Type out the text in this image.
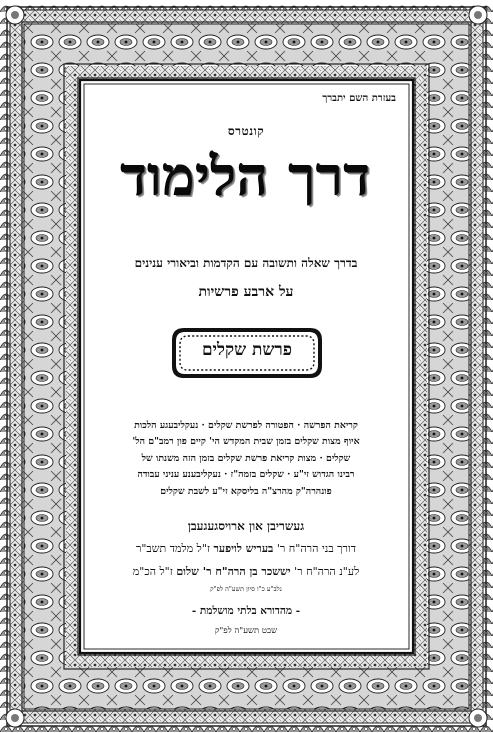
בעזרת השם יתברך
קונטרס
דרך הלימוד
בדרך שאלה ותשובה עם הקדמות וביאורי ענינים
על ארבע פרשיות
פרשת שקלים
קריאת הפרשה · הפטורה לפרשת שקלים · נעקליבעגע הלכות
איוף מצות שקלים בזמן שבית המקדש הי' קיים פון רמב"ם הל'
שקלים · מצות קריאת פרשת שקלים בזמן הזה משנתו של
רבינו הגדוש זי"ע · שקלים בזמה"ז · נעקליבענע עניני עבודה
פונהרה"ק מהרצ"ה בליסקא זי"ע לשבת שקלים
געשריבן און ארויסגעגעבן
דורך בני הרה"ח ר' בעריש לויפער ז"ל מלמד תשב"ר
לע"נ הרה"ח ר' יששכר בן הרה"ח ר' שלום ז"ל הכ"מ
נלב"ע כ"ו סיון תשע"ה לפ"ק
- מהדורא בלתי מושלמת -
שבט תשע"ה לפ"ק
